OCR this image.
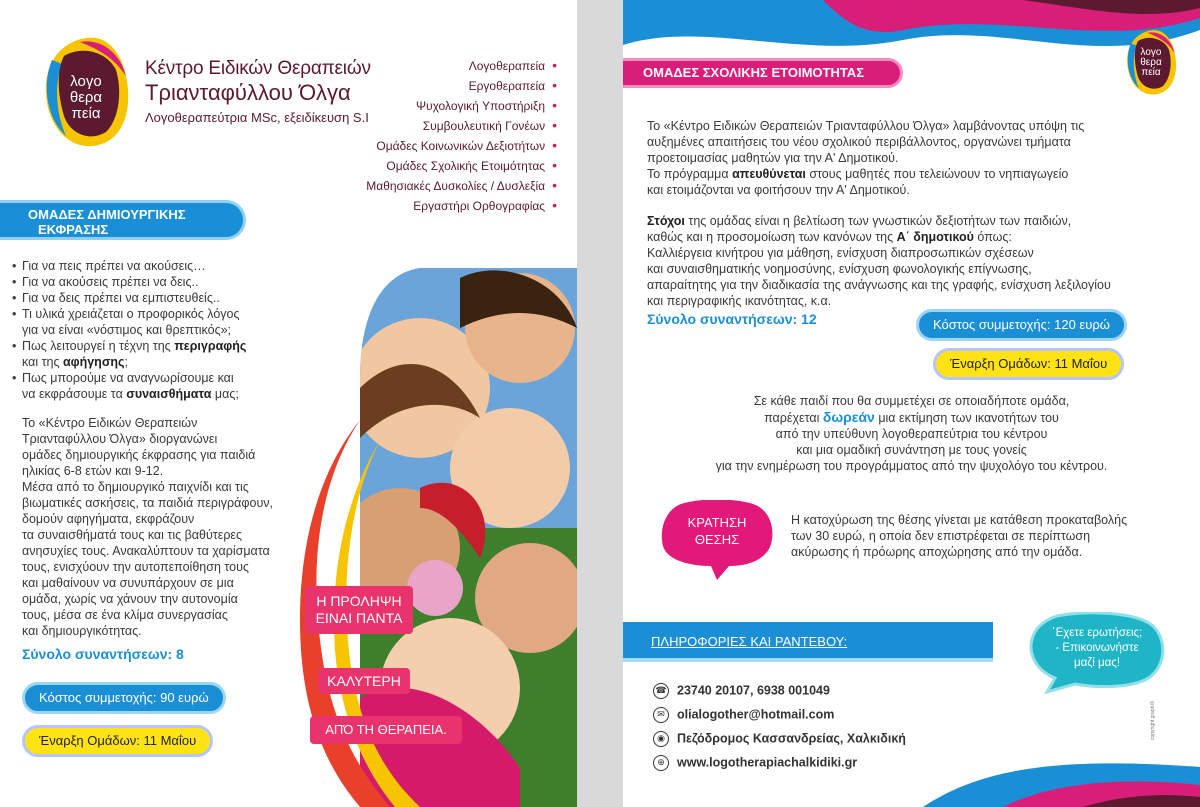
λογο
θερα
πεία
Κέντρο Ειδικών Θεραπειών
Τριανταφύλλου Όλγα
Λογοθεραπεύτρια MSc, εξειδίκευση S.I
Λογοθεραπεία •
Εργοθεραπεία •
Ψυχολογική Υποστήριξη •
Συμβουλευτική Γονέων •
Ομάδες Κοινωνικών Δεξιοτήτων •
Ομάδες Σχολικής Ετοιμότητας •
Μαθησιακές Δυσκολίες / Δυσλεξία •
Εργαστήρι Ορθογραφίας •
ΟΜΑΔΕΣ ΔΗΜΙΟΥΡΓΙΚΗΣ
ΕΚΦΡΑΣΗΣ
• Για να πεις πρέπει να ακούσεις…
• Για να ακούσεις πρέπει να δεις..
• Για να δεις πρέπει να εμπιστευθείς..
• Τι υλικά χρειάζεται ο προφορικός λόγος
για να είναι «νόστιμος και θρεπτικός»;
• Πως λειτουργεί η τέχνη της περιγραφής
και της αφήγησης;
• Πως μπορούμε να αναγνωρίσουμε και
να εκφράσουμε τα συναισθήματα μας;
Το «Κέντρο Ειδικών Θεραπειών
Τριανταφύλλου Όλγα» διοργανώνει
ομάδες δημιουργικής έκφρασης για παιδιά
ηλικίας 6-8 ετών και 9-12.
Μέσα από το δημιουργικό παιχνίδι και τις
βιωματικές ασκήσεις, τα παιδιά περιγράφουν,
δομούν αφηγήματα, εκφράζουν
τα συναισθήματά τους και τις βαθύτερες
ανησυχίες τους. Ανακαλύπτουν τα χαρίσματα
τους, ενισχύουν την αυτοπεποίθηση τους
και μαθαίνουν να συνυπάρχουν σε μια
ομάδα, χωρίς να χάνουν την αυτονομία
τους, μέσα σε ένα κλίμα συνεργασίας
και δημιουργικότητας.
Σύνολο συναντήσεων: 8
Κόστος συμμετοχής: 90 ευρώ
Έναρξη Ομάδων: 11 Μαΐου
Η ΠΡΟΛΗΨΗ
ΕΙΝΑΙ ΠΑΝΤΑ
ΚΑΛΥΤΕΡΗ
ΑΠΌ ΤΗ ΘΕΡΑΠΕΙΑ.
λογο
θερα
πεία
ΟΜΑΔΕΣ ΣΧΟΛΙΚΗΣ ΕΤΟΙΜΟΤΗΤΑΣ
Το «Κέντρο Ειδικών Θεραπειών Τριανταφύλλου Όλγα» λαμβάνοντας υπόψη τις
αυξημένες απαιτήσεις του νέου σχολικού περιβάλλοντος, οργανώνει τμήματα
προετοιμασίας μαθητών για την Α' Δημοτικού.
Το πρόγραμμα απευθύνεται στους μαθητές που τελειώνουν το νηπιαγωγείο
και ετοιμάζονται να φοιτήσουν την Α' Δημοτικού.
Στόχοι της ομάδας είναι η βελτίωση των γνωστικών δεξιοτήτων των παιδιών,
καθώς και η προσομοίωση των κανόνων της Α΄ δημοτικού όπως:
Καλλιέργεια κινήτρου για μάθηση, ενίσχυση διαπροσωπικών σχέσεων
και συναισθηματικής νοημοσύνης, ενίσχυση φωνολογικής επίγνωσης,
απαραίτητης για την διαδικασία της ανάγνωσης και της γραφής, ενίσχυση λεξιλογίου
και περιγραφικής ικανότητας, κ.α.
Σύνολο συναντήσεων: 12	Κόστος συμμετοχής: 120 ευρώ
Έναρξη Ομάδων: 11 Μαΐου
Σε κάθε παιδί που θα συμμετέχει σε οποιαδήποτε ομάδα,
παρέχεται δωρεάν μια εκτίμηση των ικανοτήτων του
από την υπεύθυνη λογοθεραπεύτρια του κέντρου
και μια ομαδική συνάντηση με τους γονείς
για την ενημέρωση του προγράμματος από την ψυχολόγο του κέντρου.
ΚΡΑΤΗΣΗ
ΘΕΣΗΣ
Η κατοχύρωση της θέσης γίνεται με κατάθεση προκαταβολής
των 30 ευρώ, η οποία δεν επιστρέφεται σε περίπτωση
ακύρωσης ή πρόωρης αποχώρησης από την ομάδα.
ΠΛΗΡΟΦΟΡΙΕΣ ΚΑΙ ΡΑΝΤΕΒΟΥ:
΄Εχετε ερωτήσεις;
- Επικοινωνήστε
μαζί μας!
☎ 23740 20107, 6938 001049
✉ olialogother@hotmail.com
◉ Πεζόδρομος Κασσανδρείας, Χαλκιδική
⊕ www.logotherapiachalkidiki.gr
copyright graphIX
